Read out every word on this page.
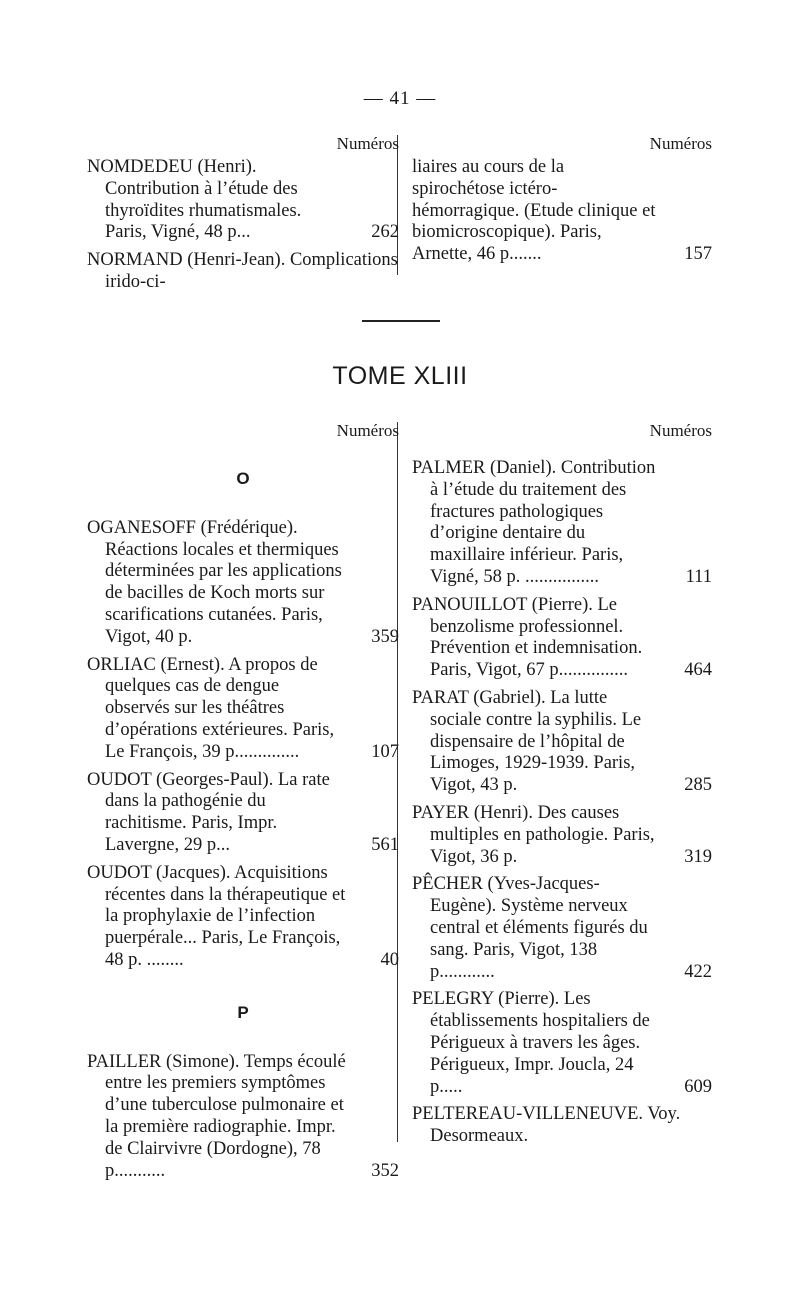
— 41 —
Numéros
NOMDEDEU (Henri). Contribution à l’étude des thyroïdites rhumatismales. Paris, Vigné, 48 p...	262
NORMAND (Henri-Jean). Complications irido-ci-
Numéros
liaires au cours de la spirochétose ictéro-hémorragique. (Etude clinique et biomicroscopique). Paris, Arnette, 46 p.......	157
TOME XLIII
Numéros
O
OGANESOFF (Frédérique). Réactions locales et thermiques déterminées par les applications de bacilles de Koch morts sur scarifications cutanées. Paris, Vigot, 40 p.	359
ORLIAC (Ernest). A propos de quelques cas de dengue observés sur les théâtres d’opérations extérieures. Paris, Le François, 39 p..............	107
OUDOT (Georges-Paul). La rate dans la pathogénie du rachitisme. Paris, Impr. Lavergne, 29 p...	561
OUDOT (Jacques). Acquisitions récentes dans la thérapeutique et la prophylaxie de l’infection puerpérale... Paris, Le François, 48 p. ........	40
P
PAILLER (Simone). Temps écoulé entre les premiers symptômes d’une tuberculose pulmonaire et la première radiographie. Impr. de Clairvivre (Dordogne), 78 p...........	352
Numéros
PALMER (Daniel). Contribution à l’étude du traitement des fractures pathologiques d’origine dentaire du maxillaire inférieur. Paris, Vigné, 58 p. ................	111
PANOUILLOT (Pierre). Le benzolisme professionnel. Prévention et indemnisation. Paris, Vigot, 67 p...............	464
PARAT (Gabriel). La lutte sociale contre la syphilis. Le dispensaire de l’hôpital de Limoges, 1929-1939. Paris, Vigot, 43 p.	285
PAYER (Henri). Des causes multiples en pathologie. Paris, Vigot, 36 p.	319
PÊCHER (Yves-Jacques-Eugène). Système nerveux central et éléments figurés du sang. Paris, Vigot, 138 p............	422
PELEGRY (Pierre). Les établissements hospitaliers de Périgueux à travers les âges. Périgueux, Impr. Joucla, 24 p.....	609
PELTEREAU-VILLENEUVE. Voy. Desormeaux.
